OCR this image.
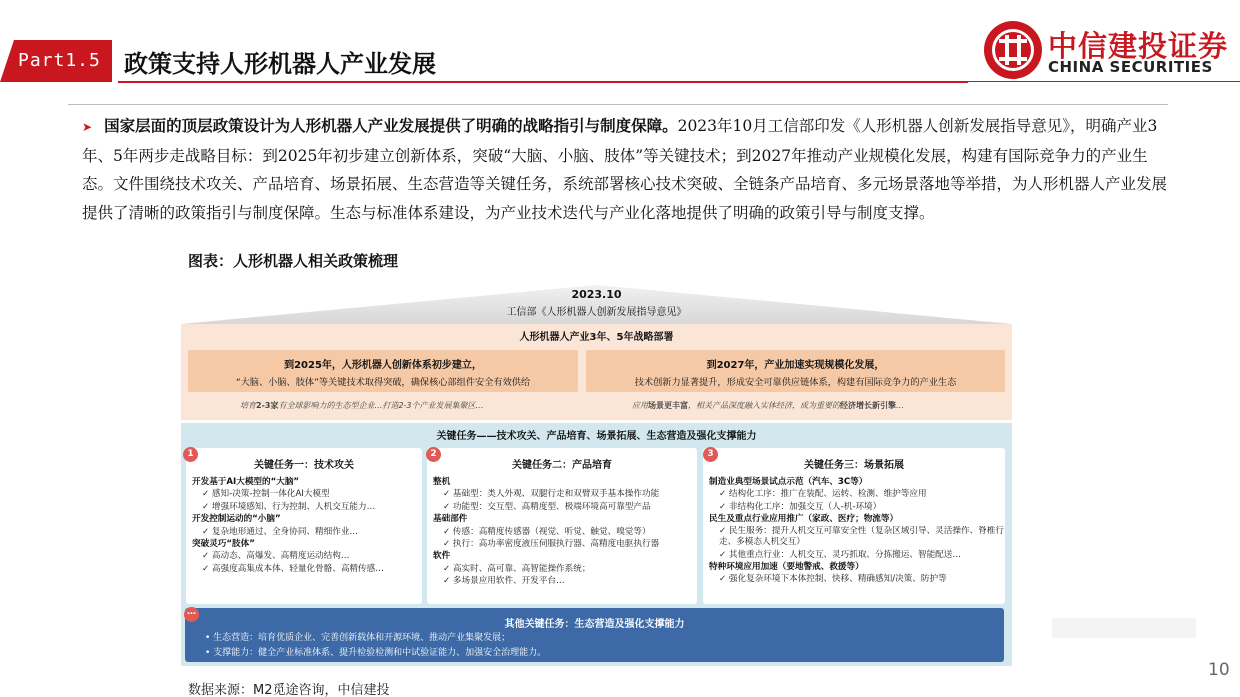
Part1.5 政策支持人形机器人产业发展
中信建投证券
CHINA SECURITIES
➤ 国家层面的顶层政策设计为人形机器人产业发展提供了明确的战略指引与制度保障。2023年10月工信部印发《人形机器人创新发展指导意见》，明确产业3年、5年两步走战略目标：到2025年初步建立创新体系，突破“大脑、小脑、肢体”等关键技术；到2027年推动产业规模化发展，构建有国际竞争力的产业生态。文件围绕技术攻关、产品培育、场景拓展、生态营造等关键任务，系统部署核心技术突破、全链条产品培育、多元场景落地等举措，为人形机器人产业发展提供了清晰的政策指引与制度保障。生态与标准体系建设，为产业技术迭代与产业化落地提供了明确的政策引导与制度支撑。
图表：人形机器人相关政策梳理
2023.10
工信部《人形机器人创新发展指导意见》
人形机器人产业3年、5年战略部署
到2025年，人形机器人创新体系初步建立，
“大脑、小脑、肢体”等关键技术取得突破，确保核心部组件安全有效供给
到2027年，产业加速实现规模化发展，
技术创新力显著提升，形成安全可靠供应链体系，构建有国际竞争力的产业生态
培育2-3家有全球影响力的生态型企业…打造2-3个产业发展集聚区…	应用场景更丰富，相关产品深度融入实体经济，成为重要的经济增长新引擎…
关键任务——技术攻关、产品培育、场景拓展、生态营造及强化支撑能力
关键任务一：技术攻关
开发基于AI大模型的“大脑”
✓ 感知-决策-控制一体化AI大模型
✓ 增强环境感知、行为控制、人机交互能力…
开发控制运动的“小脑”
✓ 复杂地形通过、全身协同、精细作业…
突破灵巧“肢体”
✓ 高动态、高爆发、高精度运动结构…
✓ 高强度高集成本体、轻量化骨骼、高精传感…
1
关键任务二：产品培育
整机
✓ 基础型：类人外观、双腿行走和双臂双手基本操作功能
✓ 功能型：交互型、高精度型、极端环境高可靠型产品
基础部件
✓ 传感：高精度传感器（视觉、听觉、触觉、嗅觉等）
✓ 执行：高功率密度液压伺服执行器、高精度电驱执行器
软件
✓ 高实时、高可靠、高智能操作系统；
✓ 多场景应用软件、开发平台…
2
关键任务三：场景拓展
制造业典型场景试点示范（汽车、3C等）
✓ 结构化工序：推广在装配、运转、检测、维护等应用
✓ 非结构化工序：加强交互（人-机-环境）
民生及重点行业应用推广（家政、医疗；物流等）
✓ 民生服务：提升人机交互可靠安全性（复杂区域引导、灵活操作、脊椎行走、多模态人机交互）
✓ 其他重点行业：人机交互、灵巧抓取、分拣搬运、智能配送…
特种环境应用加速（要地警戒、救援等）
✓ 强化复杂环境下本体控制、快移、精确感知/决策、防护等
3
…
其他关键任务：生态营造及强化支撑能力
• 生态营造：培育优质企业、完善创新载体和开源环境、推动产业集聚发展；
• 支撑能力：健全产业标准体系、提升检验检测和中试验证能力、加强安全治理能力。
数据来源：M2觅途咨询，中信建投
10
